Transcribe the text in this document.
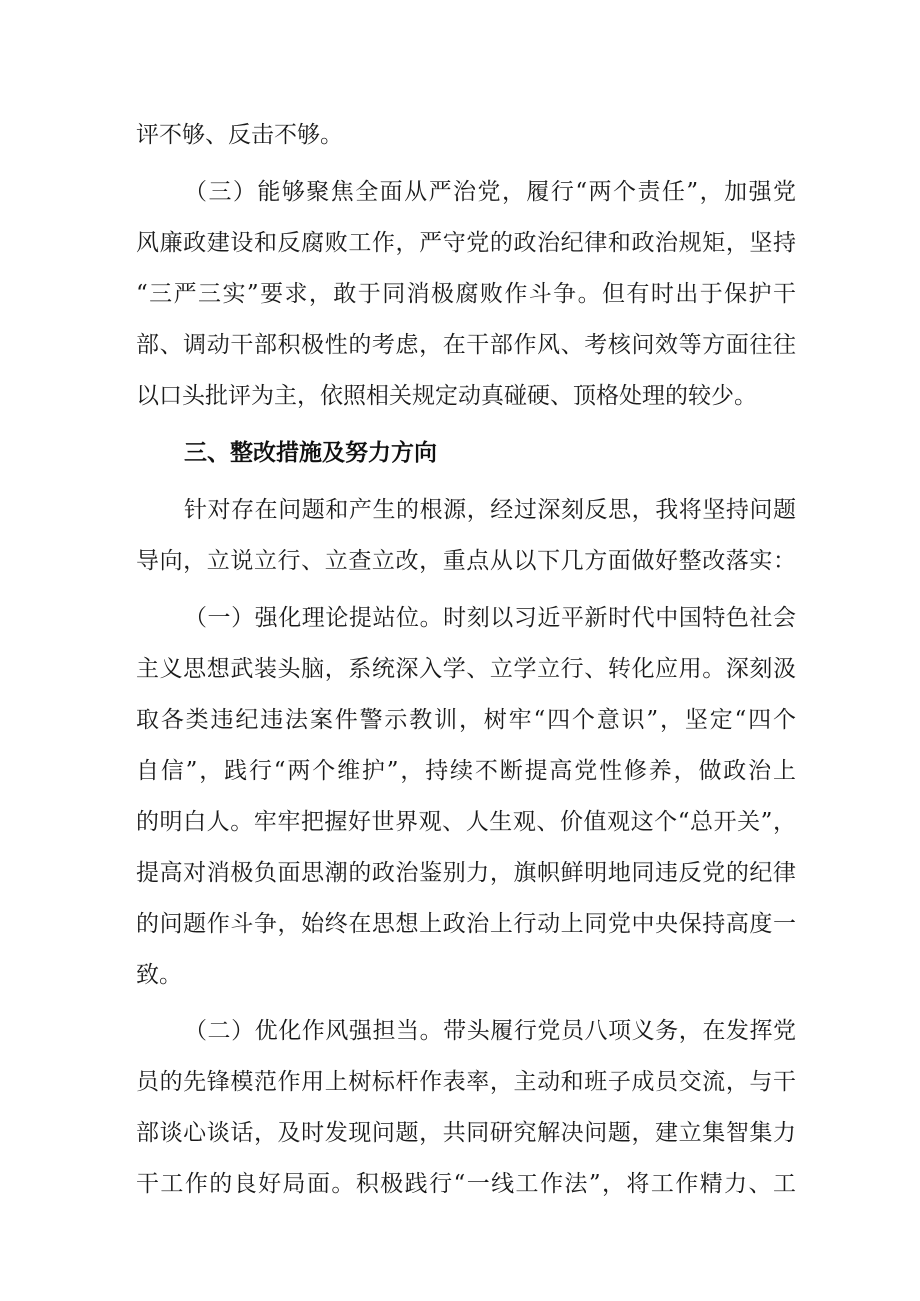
评不够、反击不够。
（三）能够聚焦全面从严治党，履行“两个责任”，加强党
风廉政建设和反腐败工作，严守党的政治纪律和政治规矩，坚持
“三严三实”要求，敢于同消极腐败作斗争。但有时出于保护干
部、调动干部积极性的考虑，在干部作风、考核问效等方面往往
以口头批评为主，依照相关规定动真碰硬、顶格处理的较少。
三、整改措施及努力方向
针对存在问题和产生的根源，经过深刻反思，我将坚持问题
导向，立说立行、立查立改，重点从以下几方面做好整改落实：
（一）强化理论提站位。时刻以习近平新时代中国特色社会
主义思想武装头脑，系统深入学、立学立行、转化应用。深刻汲
取各类违纪违法案件警示教训，树牢“四个意识”，坚定“四个
自信”，践行“两个维护”，持续不断提高党性修养，做政治上
的明白人。牢牢把握好世界观、人生观、价值观这个“总开关”，
提高对消极负面思潮的政治鉴别力，旗帜鲜明地同违反党的纪律
的问题作斗争，始终在思想上政治上行动上同党中央保持高度一
致。
（二）优化作风强担当。带头履行党员八项义务，在发挥党
员的先锋模范作用上树标杆作表率，主动和班子成员交流，与干
部谈心谈话，及时发现问题，共同研究解决问题，建立集智集力
干工作的良好局面。积极践行“一线工作法”，将工作精力、工
